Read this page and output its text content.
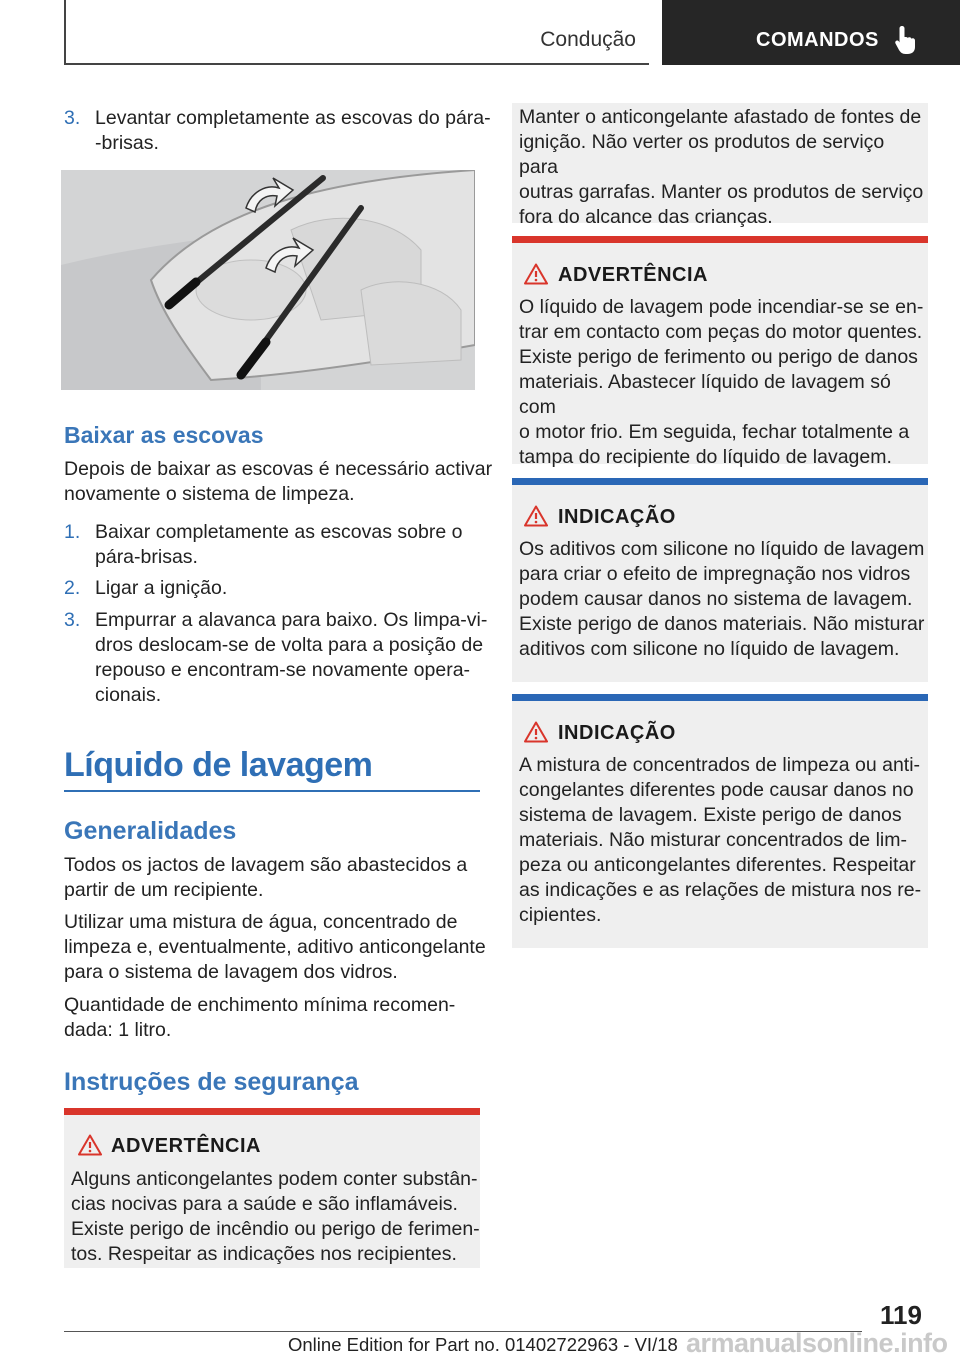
Condução	COMANDOS
3. Levantar completamente as escovas do pára-
-brisas.
Baixar as escovas
Depois de baixar as escovas é necessário activar
novamente o sistema de limpeza.
1. Baixar completamente as escovas sobre o
pára-brisas.
2. Ligar a ignição.
3. Empurrar a alavanca para baixo. Os limpa-vi-
dros deslocam-se de volta para a posição de
repouso e encontram-se novamente opera-
cionais.
Líquido de lavagem
Generalidades
Todos os jactos de lavagem são abastecidos a
partir de um recipiente.
Utilizar uma mistura de água, concentrado de
limpeza e, eventualmente, aditivo anticongelante
para o sistema de lavagem dos vidros.
Quantidade de enchimento mínima recomen-
dada: 1 litro.
Instruções de segurança
ADVERTÊNCIA
Alguns anticongelantes podem conter substân-
cias nocivas para a saúde e são inflamáveis.
Existe perigo de incêndio ou perigo de ferimen-
tos. Respeitar as indicações nos recipientes.
Manter o anticongelante afastado de fontes de
ignição. Não verter os produtos de serviço para
outras garrafas. Manter os produtos de serviço
fora do alcance das crianças.
ADVERTÊNCIA
O líquido de lavagem pode incendiar-se se en-
trar em contacto com peças do motor quentes.
Existe perigo de ferimento ou perigo de danos
materiais. Abastecer líquido de lavagem só com
o motor frio. Em seguida, fechar totalmente a
tampa do recipiente do líquido de lavagem.
INDICAÇÃO
Os aditivos com silicone no líquido de lavagem
para criar o efeito de impregnação nos vidros
podem causar danos no sistema de lavagem.
Existe perigo de danos materiais. Não misturar
aditivos com silicone no líquido de lavagem.
INDICAÇÃO
A mistura de concentrados de limpeza ou anti-
congelantes diferentes pode causar danos no
sistema de lavagem. Existe perigo de danos
materiais. Não misturar concentrados de lim-
peza ou anticongelantes diferentes. Respeitar
as indicações e as relações de mistura nos re-
cipientes.
119
Online Edition for Part no. 01402722963 - VI/18 armanualsonline.info
